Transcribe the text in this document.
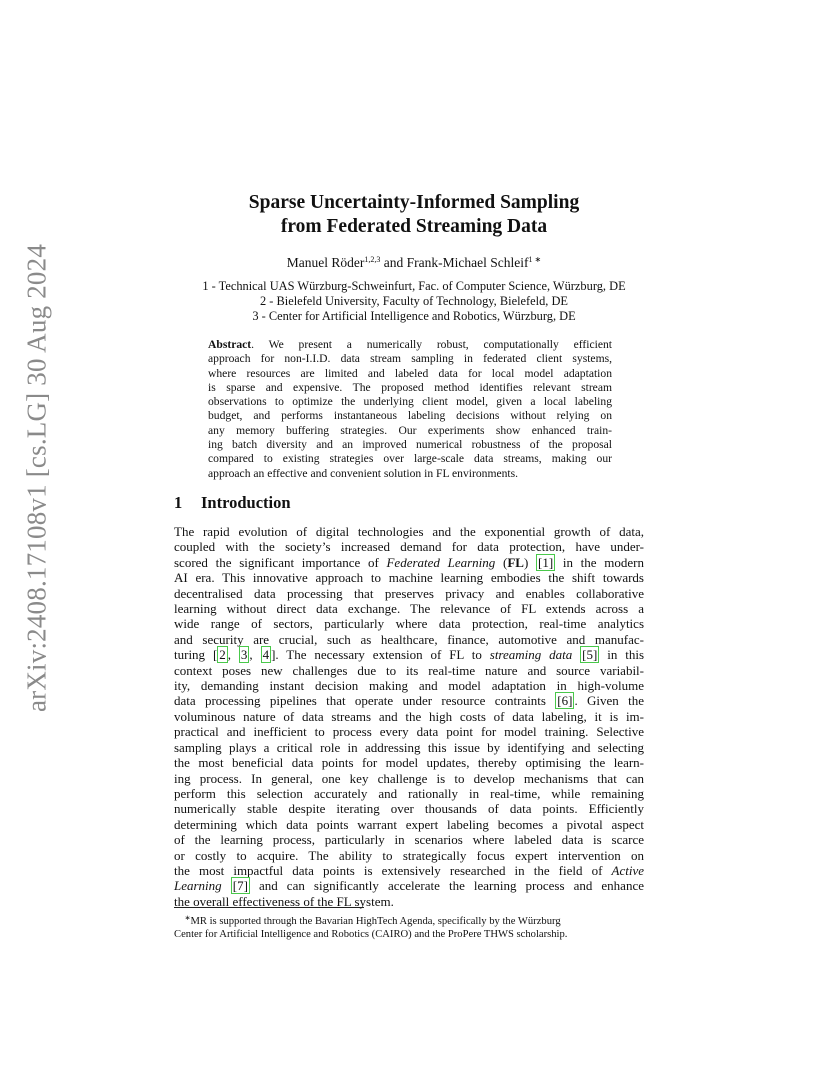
arXiv:2408.17108v1 [cs.LG] 30 Aug 2024
Sparse Uncertainty-Informed Sampling
from Federated Streaming Data
Manuel Röder$^{1,2,3}$ and Frank-Michael Schleif$^{1 ∗}$
1 - Technical UAS Würzburg-Schweinfurt, Fac. of Computer Science, Würzburg, DE
2 - Bielefeld University, Faculty of Technology, Bielefeld, DE
3 - Center for Artificial Intelligence and Robotics, Würzburg, DE
Abstract. We present a numerically robust, computationally efficient
approach for non-I.I.D. data stream sampling in federated client systems,
where resources are limited and labeled data for local model adaptation
is sparse and expensive. The proposed method identifies relevant stream
observations to optimize the underlying client model, given a local labeling
budget, and performs instantaneous labeling decisions without relying on
any memory buffering strategies. Our experiments show enhanced train-
ing batch diversity and an improved numerical robustness of the proposal
compared to existing strategies over large-scale data streams, making our
approach an effective and convenient solution in FL environments.
1 Introduction
The rapid evolution of digital technologies and the exponential growth of data,
coupled with the society’s increased demand for data protection, have under-
scored the significant importance of Federated Learning (FL) [1] in the modern
AI era. This innovative approach to machine learning embodies the shift towards
decentralised data processing that preserves privacy and enables collaborative
learning without direct data exchange. The relevance of FL extends across a
wide range of sectors, particularly where data protection, real-time analytics
and security are crucial, such as healthcare, finance, automotive and manufac-
turing [ 2 , 3 , 4 ]. The necessary extension of FL to streaming data [5] in this
context poses new challenges due to its real-time nature and source variabil-
ity, demanding instant decision making and model adaptation in high-volume
data processing pipelines that operate under resource contraints [6] . Given the
voluminous nature of data streams and the high costs of data labeling, it is im-
practical and inefficient to process every data point for model training. Selective
sampling plays a critical role in addressing this issue by identifying and selecting
the most beneficial data points for model updates, thereby optimising the learn-
ing process. In general, one key challenge is to develop mechanisms that can
perform this selection accurately and rationally in real-time, while remaining
numerically stable despite iterating over thousands of data points. Efficiently
determining which data points warrant expert labeling becomes a pivotal aspect
of the learning process, particularly in scenarios where labeled data is scarce
or costly to acquire. The ability to strategically focus expert intervention on
the most impactful data points is extensively researched in the field of Active
Learning [7] and can significantly accelerate the learning process and enhance
the overall effectiveness of the FL system.
∗MR is supported through the Bavarian HighTech Agenda, specifically by the Würzburg
Center for Artificial Intelligence and Robotics (CAIRO) and the ProPere THWS scholarship.
